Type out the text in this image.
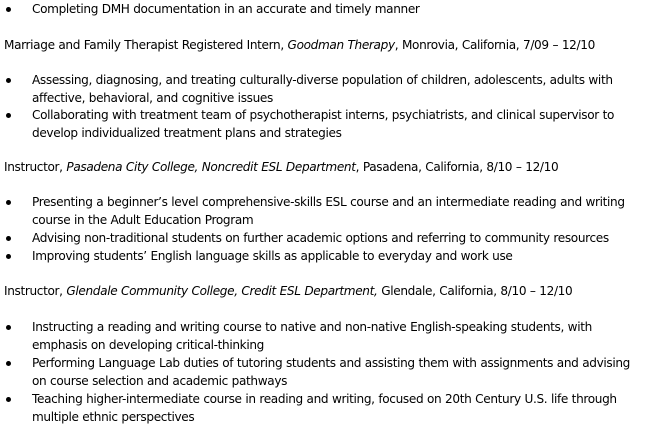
Completing DMH documentation in an accurate and timely manner
Marriage and Family Therapist Registered Intern, Goodman Therapy, Monrovia, California, 7/09 – 12/10
Assessing, diagnosing, and treating culturally-diverse population of children, adolescents, adults with affective, behavioral, and cognitive issues
Collaborating with treatment team of psychotherapist interns, psychiatrists, and clinical supervisor to develop individualized treatment plans and strategies
Instructor, Pasadena City College, Noncredit ESL Department, Pasadena, California, 8/10 – 12/10
Presenting a beginner’s level comprehensive-skills ESL course and an intermediate reading and writing course in the Adult Education Program
Advising non-traditional students on further academic options and referring to community resources
Improving students’ English language skills as applicable to everyday and work use
Instructor, Glendale Community College, Credit ESL Department, Glendale, California, 8/10 – 12/10
Instructing a reading and writing course to native and non-native English-speaking students, with emphasis on developing critical-thinking
Performing Language Lab duties of tutoring students and assisting them with assignments and advising on course selection and academic pathways
Teaching higher-intermediate course in reading and writing, focused on 20th Century U.S. life through multiple ethnic perspectives
